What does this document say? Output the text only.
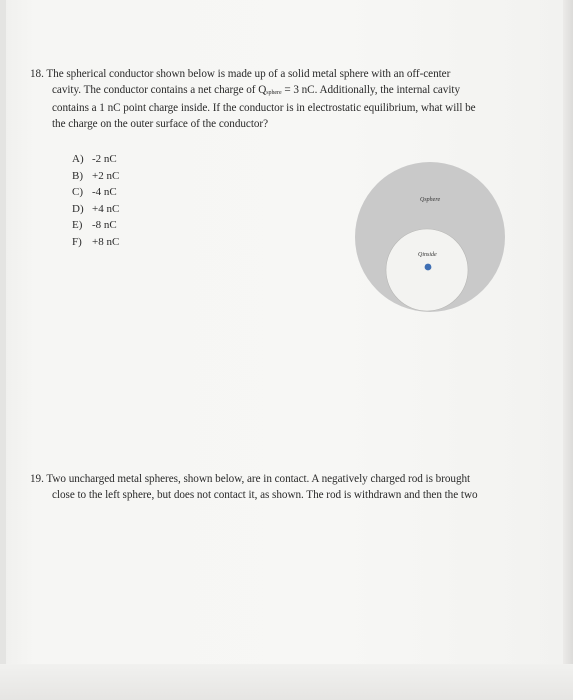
18. The spherical conductor shown below is made up of a solid metal sphere with an off-center
cavity. The conductor contains a net charge of Qsphere = 3 nC. Additionally, the internal cavity
contains a 1 nC point charge inside. If the conductor is in electrostatic equilibrium, what will be
the charge on the outer surface of the conductor?
A) -2 nC
B) +2 nC
C) -4 nC
D) +4 nC
E) -8 nC
F) +8 nC
Qsphere
Qinside
19. Two uncharged metal spheres, shown below, are in contact. A negatively charged rod is brought
close to the left sphere, but does not contact it, as shown. The rod is withdrawn and then the two
